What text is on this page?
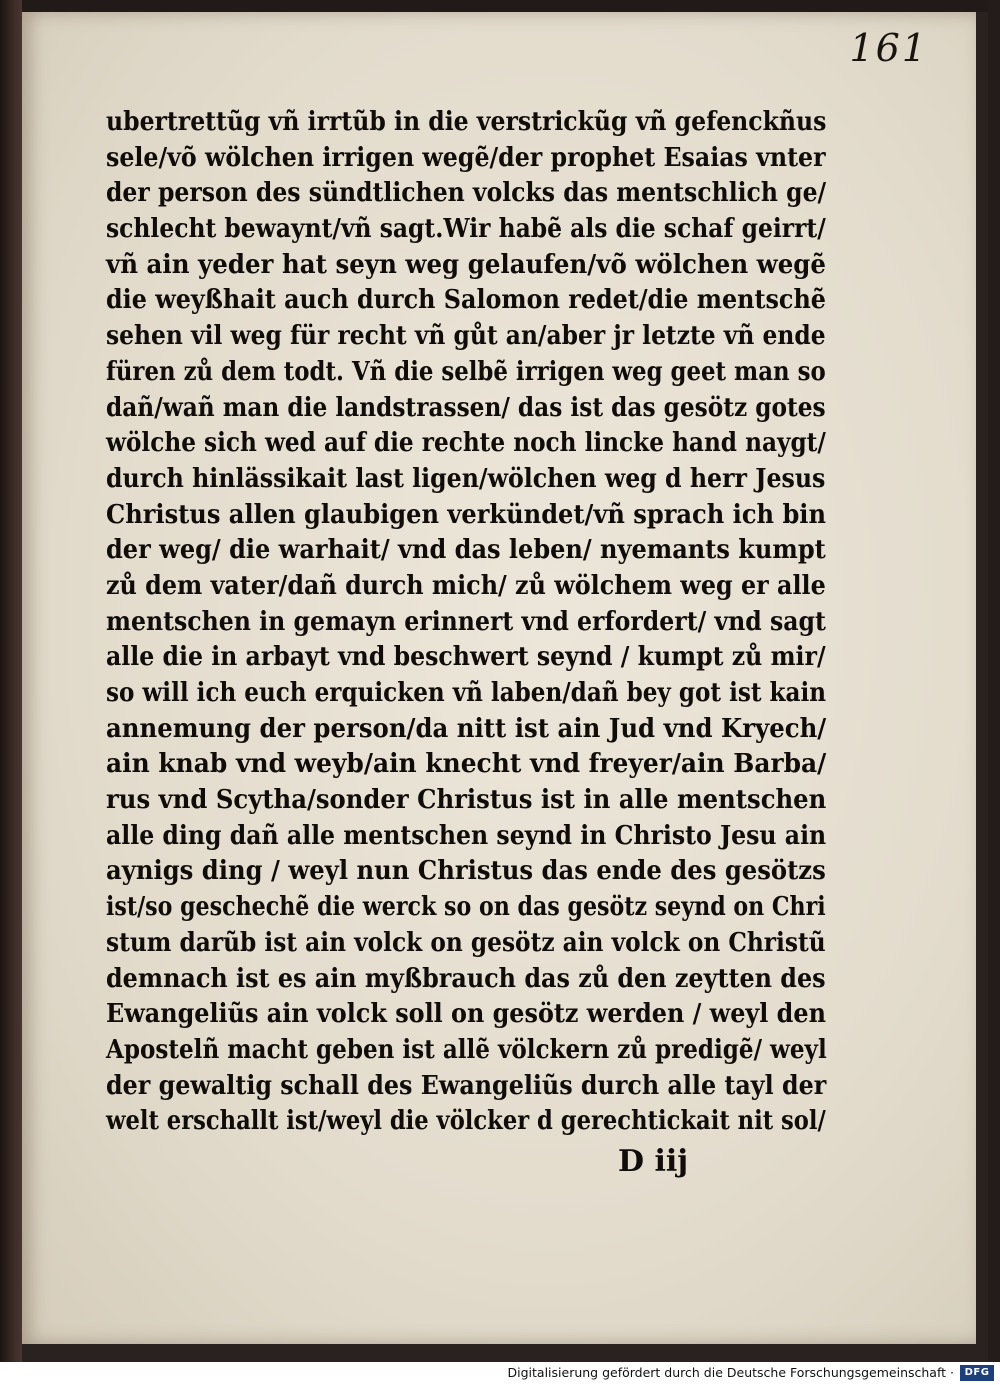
161
ubertrettũg vñ irrtũb in die verstrickũg vñ gefenckñus
sele/võ wölchen irrigen wegẽ/der prophet Esaias vnter
der person des sündtlichen volcks das mentschlich ge/
schlecht bewaynt/vñ sagt.Wir habẽ als die schaf geirrt/
vñ ain yeder hat seyn weg gelaufen/võ wölchen wegẽ
die weyßhait auch durch Salomon redet/die mentschẽ
sehen vil weg für recht vñ gůt an/aber jr letzte vñ ende
füren zů dem todt. Vñ die selbẽ irrigen weg geet man so
dañ/wañ man die landstrassen/ das ist das gesötz gotes
wölche sich wed auf die rechte noch lincke hand naygt/
durch hinlässikait last ligen/wölchen weg d herr Jesus
Christus allen glaubigen verkündet/vñ sprach ich bin
der weg/ die warhait/ vnd das leben/ nyemants kumpt
zů dem vater/dañ durch mich/ zů wölchem weg er alle
mentschen in gemayn erinnert vnd erfordert/ vnd sagt
alle die in arbayt vnd beschwert seynd / kumpt zů mir/
so will ich euch erquicken vñ laben/dañ bey got ist kain
annemung der person/da nitt ist ain Jud vnd Kryech/
ain knab vnd weyb/ain knecht vnd freyer/ain Barba/
rus vnd Scytha/sonder Christus ist in alle mentschen
alle ding dañ alle mentschen seynd in Christo Jesu ain
aynigs ding / weyl nun Christus das ende des gesötzs
ist/so geschechẽ die werck so on das gesötz seynd on Chri
stum darũb ist ain volck on gesötz ain volck on Christũ
demnach ist es ain myßbrauch das zů den zeytten des
Ewangeliũs ain volck soll on gesötz werden / weyl den
Apostelñ macht geben ist allẽ völckern zů predigẽ/ weyl
der gewaltig schall des Ewangeliũs durch alle tayl der
welt erschallt ist/weyl die völcker d gerechtickait nit sol/
D iij
Digitalisierung gefördert durch die Deutsche Forschungsgemeinschaft ·	DFG
